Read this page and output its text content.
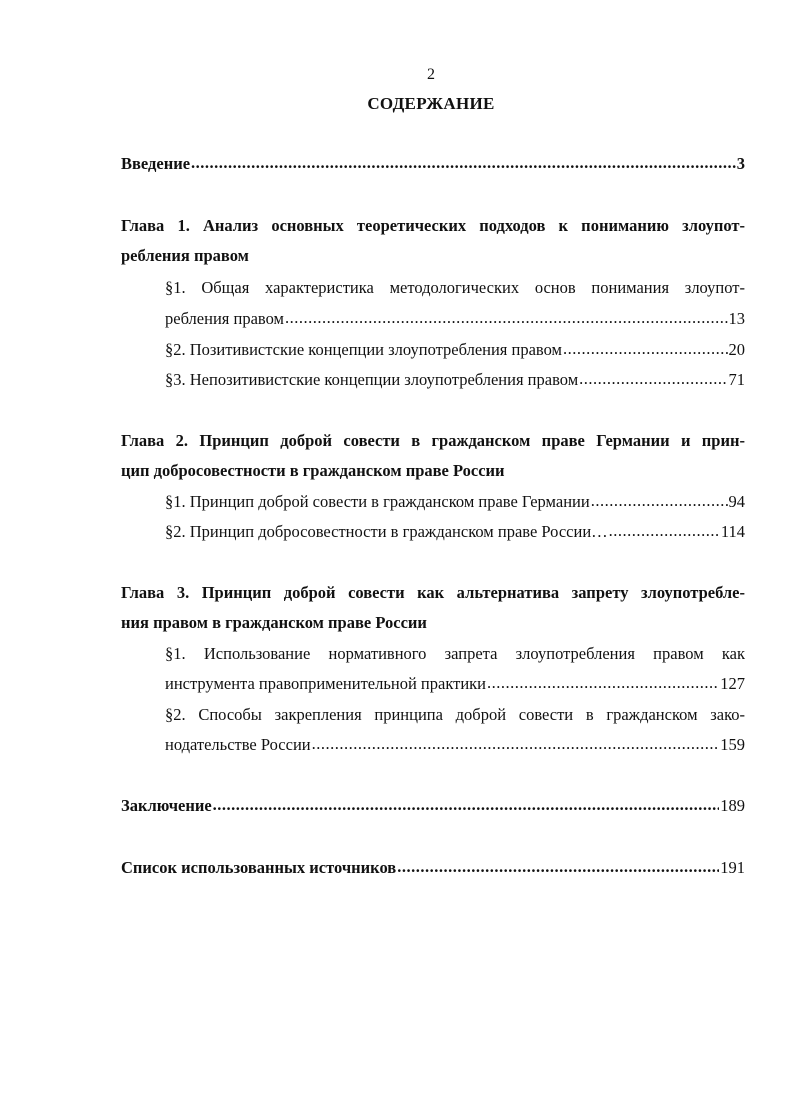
2
СОДЕРЖАНИЕ
Введение .....	3
Глава 1. Анализ основных теоретических подходов к пониманию злоупот-
ребления правом
§1. Общая характеристика методологических основ понимания злоупот-
ребления правом .....	13
§2. Позитивистские концепции злоупотребления правом .....	20
§3. Непозитивистские концепции злоупотребления правом .....	71
Глава 2. Принцип доброй совести в гражданском праве Германии и прин-
цип добросовестности в гражданском праве России
§1. Принцип доброй совести в гражданском праве Германии .....	94
§2. Принцип добросовестности в гражданском праве России… .....	114
Глава 3. Принцип доброй совести как альтернатива запрету злоупотребле-
ния правом в гражданском праве России
§1. Использование нормативного запрета злоупотребления правом как
инструмента правоприменительной практики .....	127
§2. Способы закрепления принципа доброй совести в гражданском зако-
нодательстве России .....	159
Заключение .....	189
Список использованных источников .....	191
